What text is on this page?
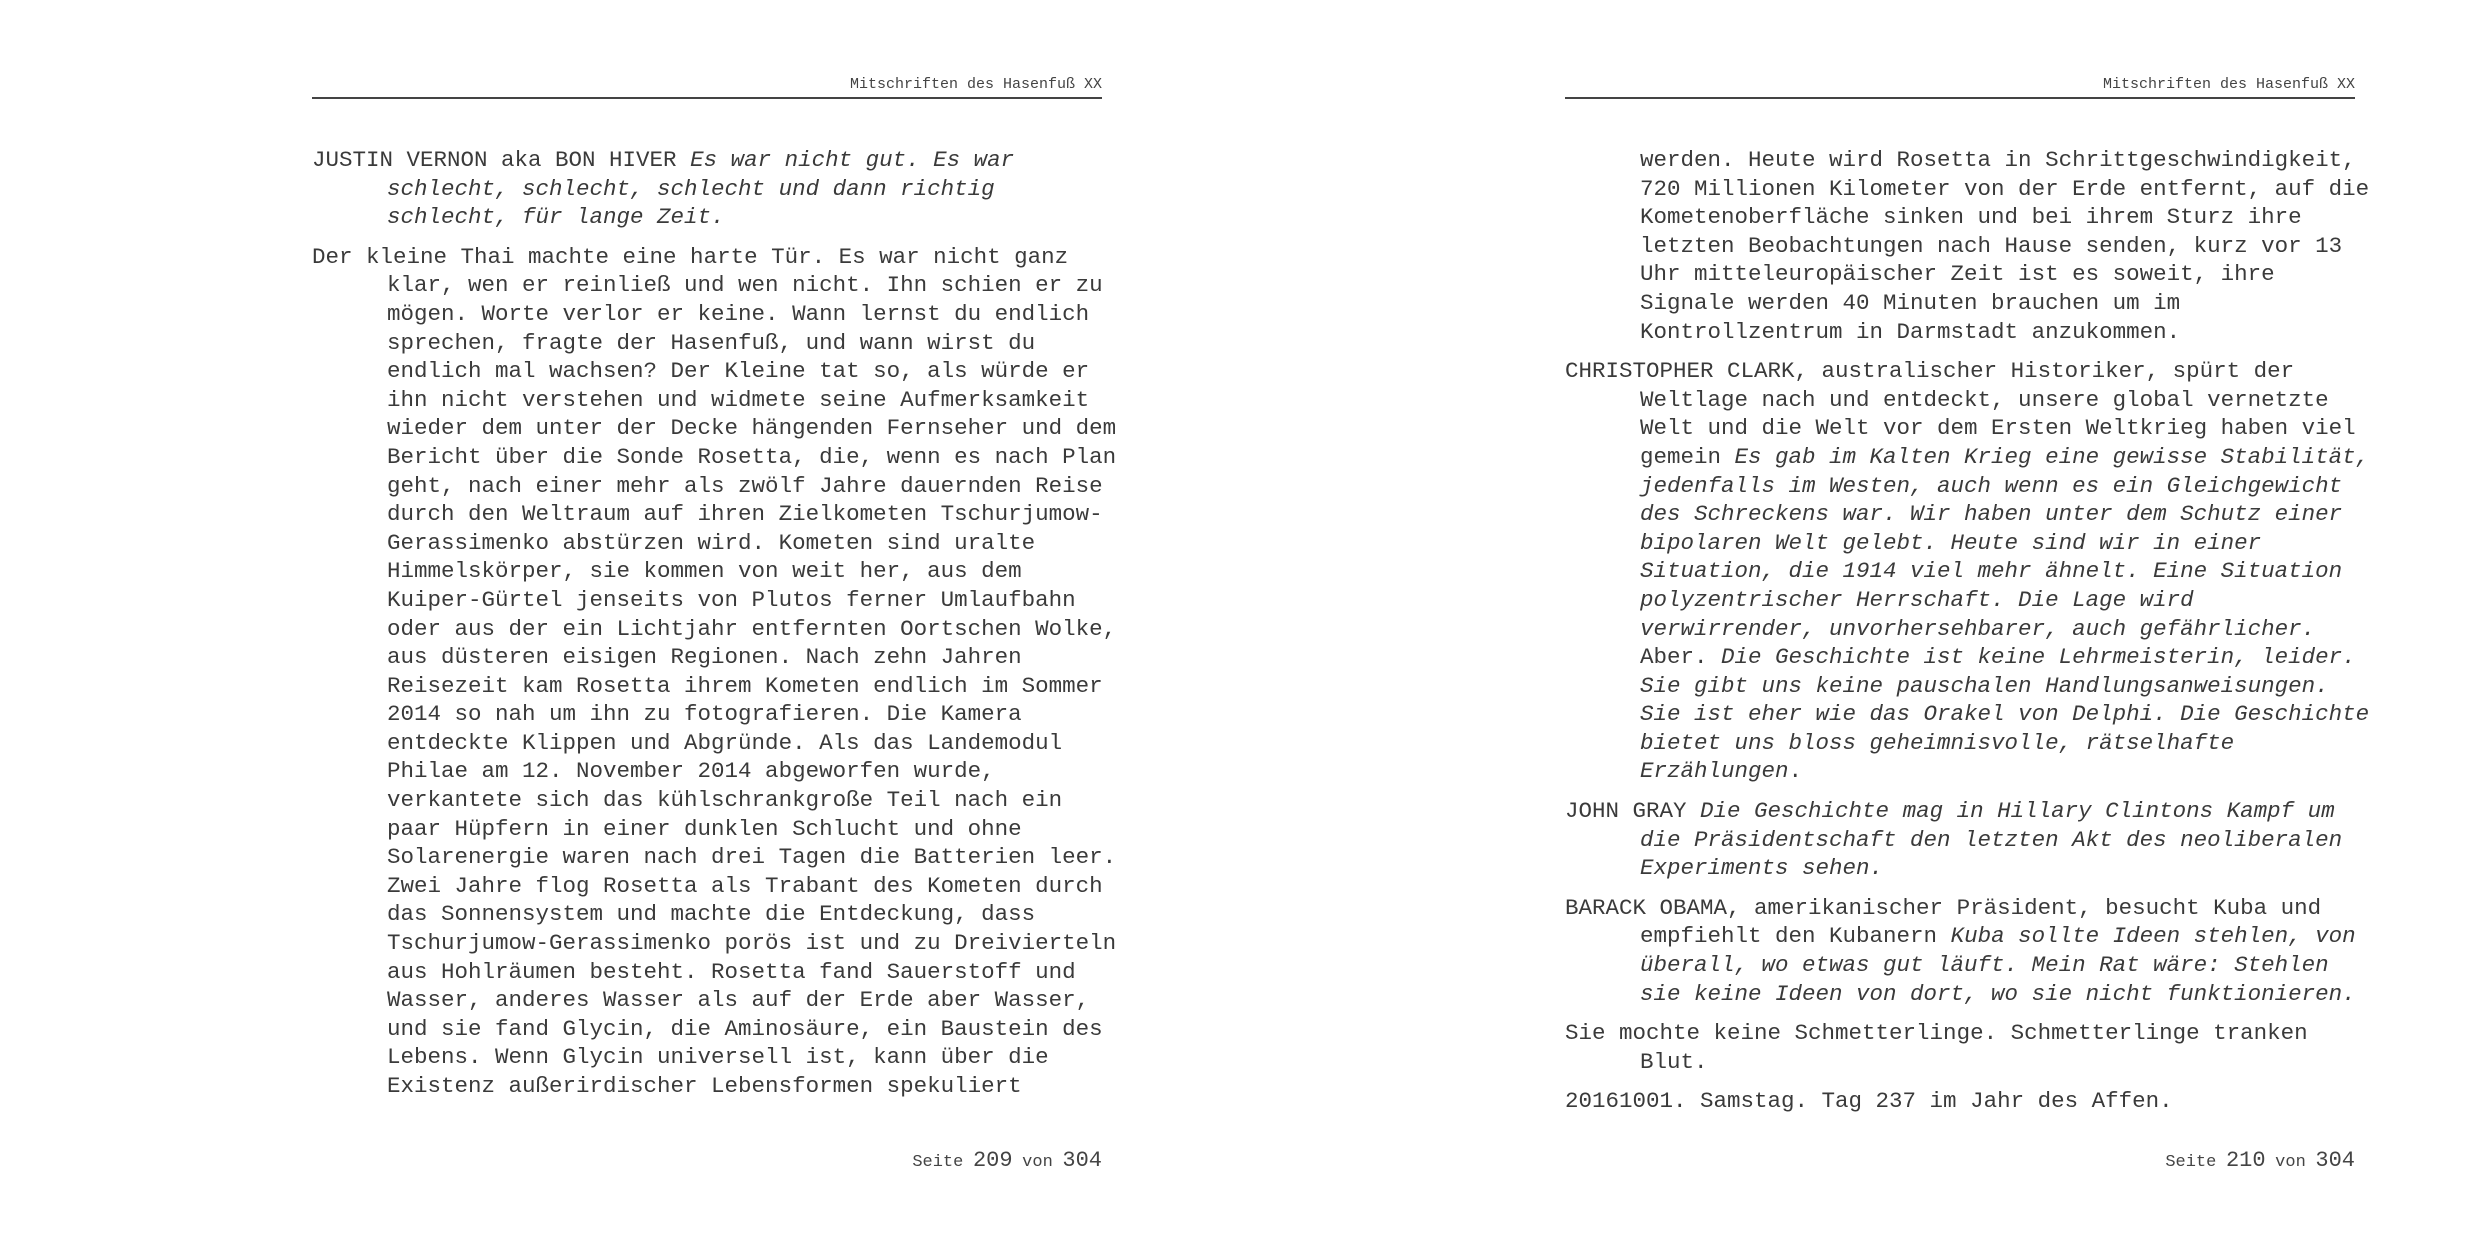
Mitschriften des Hasenfuß XX

JUSTIN VERNON aka BON HIVER Es war nicht gut. Es war
schlecht, schlecht, schlecht und dann richtig
schlecht, für lange Zeit.

Der kleine Thai machte eine harte Tür. Es war nicht ganz
klar, wen er reinließ und wen nicht. Ihn schien er zu
mögen. Worte verlor er keine. Wann lernst du endlich
sprechen, fragte der Hasenfuß, und wann wirst du
endlich mal wachsen? Der Kleine tat so, als würde er
ihn nicht verstehen und widmete seine Aufmerksamkeit
wieder dem unter der Decke hängenden Fernseher und dem
Bericht über die Sonde Rosetta, die, wenn es nach Plan
geht, nach einer mehr als zwölf Jahre dauernden Reise
durch den Weltraum auf ihren Zielkometen Tschurjumow-
Gerassimenko abstürzen wird. Kometen sind uralte
Himmelskörper, sie kommen von weit her, aus dem
Kuiper-Gürtel jenseits von Plutos ferner Umlaufbahn
oder aus der ein Lichtjahr entfernten Oortschen Wolke,
aus düsteren eisigen Regionen. Nach zehn Jahren
Reisezeit kam Rosetta ihrem Kometen endlich im Sommer
2014 so nah um ihn zu fotografieren. Die Kamera
entdeckte Klippen und Abgründe. Als das Landemodul
Philae am 12. November 2014 abgeworfen wurde,
verkantete sich das kühlschrankgroße Teil nach ein
paar Hüpfern in einer dunklen Schlucht und ohne
Solarenergie waren nach drei Tagen die Batterien leer.
Zwei Jahre flog Rosetta als Trabant des Kometen durch
das Sonnensystem und machte die Entdeckung, dass
Tschurjumow-Gerassimenko porös ist und zu Dreivierteln
aus Hohlräumen besteht. Rosetta fand Sauerstoff und
Wasser, anderes Wasser als auf der Erde aber Wasser,
und sie fand Glycin, die Aminosäure, ein Baustein des
Lebens. Wenn Glycin universell ist, kann über die
Existenz außerirdischer Lebensformen spekuliert

Seite 209 von 304
Mitschriften des Hasenfuß XX

werden. Heute wird Rosetta in Schrittgeschwindigkeit,
720 Millionen Kilometer von der Erde entfernt, auf die
Kometenoberfläche sinken und bei ihrem Sturz ihre
letzten Beobachtungen nach Hause senden, kurz vor 13
Uhr mitteleuropäischer Zeit ist es soweit, ihre
Signale werden 40 Minuten brauchen um im
Kontrollzentrum in Darmstadt anzukommen.

CHRISTOPHER CLARK, australischer Historiker, spürt der
Weltlage nach und entdeckt, unsere global vernetzte
Welt und die Welt vor dem Ersten Weltkrieg haben viel
gemein Es gab im Kalten Krieg eine gewisse Stabilität,
jedenfalls im Westen, auch wenn es ein Gleichgewicht
des Schreckens war. Wir haben unter dem Schutz einer
bipolaren Welt gelebt. Heute sind wir in einer
Situation, die 1914 viel mehr ähnelt. Eine Situation
polyzentrischer Herrschaft. Die Lage wird
verwirrender, unvorhersehbarer, auch gefährlicher.
Aber. Die Geschichte ist keine Lehrmeisterin, leider.
Sie gibt uns keine pauschalen Handlungsanweisungen.
Sie ist eher wie das Orakel von Delphi. Die Geschichte
bietet uns bloss geheimnisvolle, rätselhafte
Erzählungen.

JOHN GRAY Die Geschichte mag in Hillary Clintons Kampf um
die Präsidentschaft den letzten Akt des neoliberalen
Experiments sehen.

BARACK OBAMA, amerikanischer Präsident, besucht Kuba und
empfiehlt den Kubanern Kuba sollte Ideen stehlen, von
überall, wo etwas gut läuft. Mein Rat wäre: Stehlen
sie keine Ideen von dort, wo sie nicht funktionieren.

Sie mochte keine Schmetterlinge. Schmetterlinge tranken
Blut.

20161001. Samstag. Tag 237 im Jahr des Affen.

Seite 210 von 304
